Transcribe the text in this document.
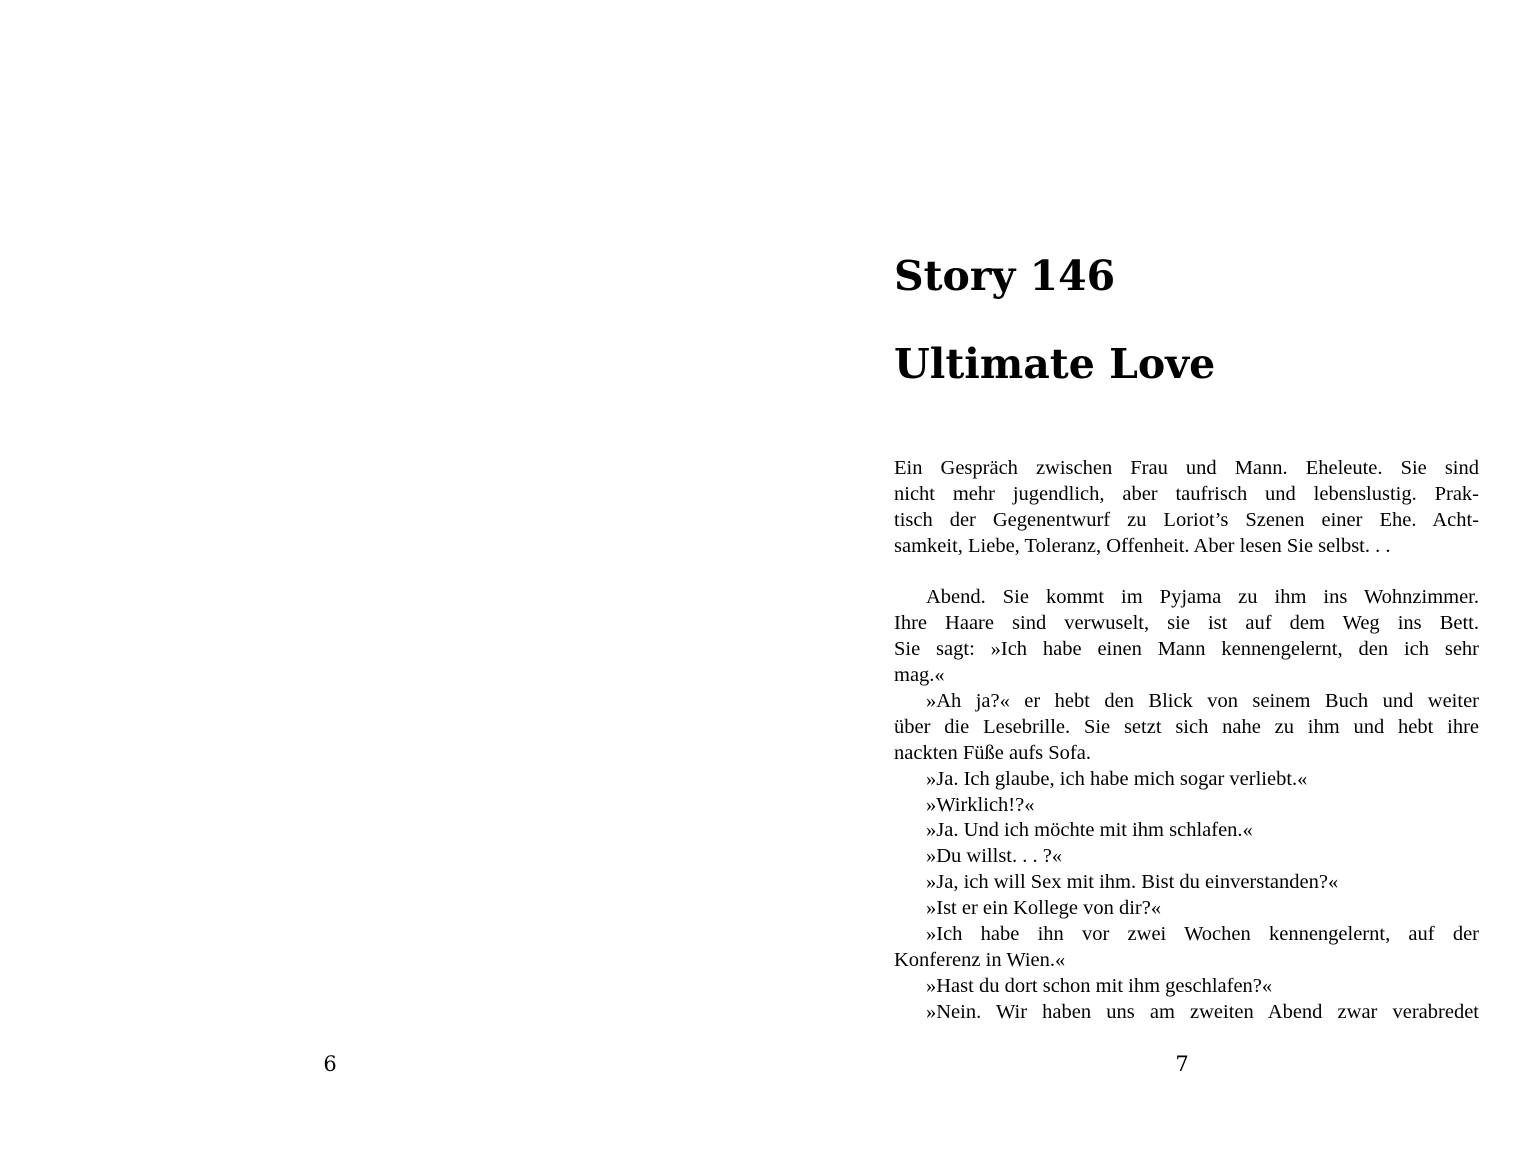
6
Story 146
Ultimate Love
Ein Gespräch zwischen Frau und Mann. Eheleute. Sie sind
nicht mehr jugendlich, aber taufrisch und lebenslustig. Prak-
tisch der Gegenentwurf zu Loriot’s Szenen einer Ehe. Acht-
samkeit, Liebe, Toleranz, Offenheit. Aber lesen Sie selbst. . .
Abend. Sie kommt im Pyjama zu ihm ins Wohnzimmer.
Ihre Haare sind verwuselt, sie ist auf dem Weg ins Bett.
Sie sagt: »Ich habe einen Mann kennengelernt, den ich sehr
mag.«
»Ah ja?« er hebt den Blick von seinem Buch und weiter
über die Lesebrille. Sie setzt sich nahe zu ihm und hebt ihre
nackten Füße aufs Sofa.
»Ja. Ich glaube, ich habe mich sogar verliebt.«
»Wirklich!?«
»Ja. Und ich möchte mit ihm schlafen.«
»Du willst. . . ?«
»Ja, ich will Sex mit ihm. Bist du einverstanden?«
»Ist er ein Kollege von dir?«
»Ich habe ihn vor zwei Wochen kennengelernt, auf der
Konferenz in Wien.«
»Hast du dort schon mit ihm geschlafen?«
»Nein. Wir haben uns am zweiten Abend zwar verabredet
7
